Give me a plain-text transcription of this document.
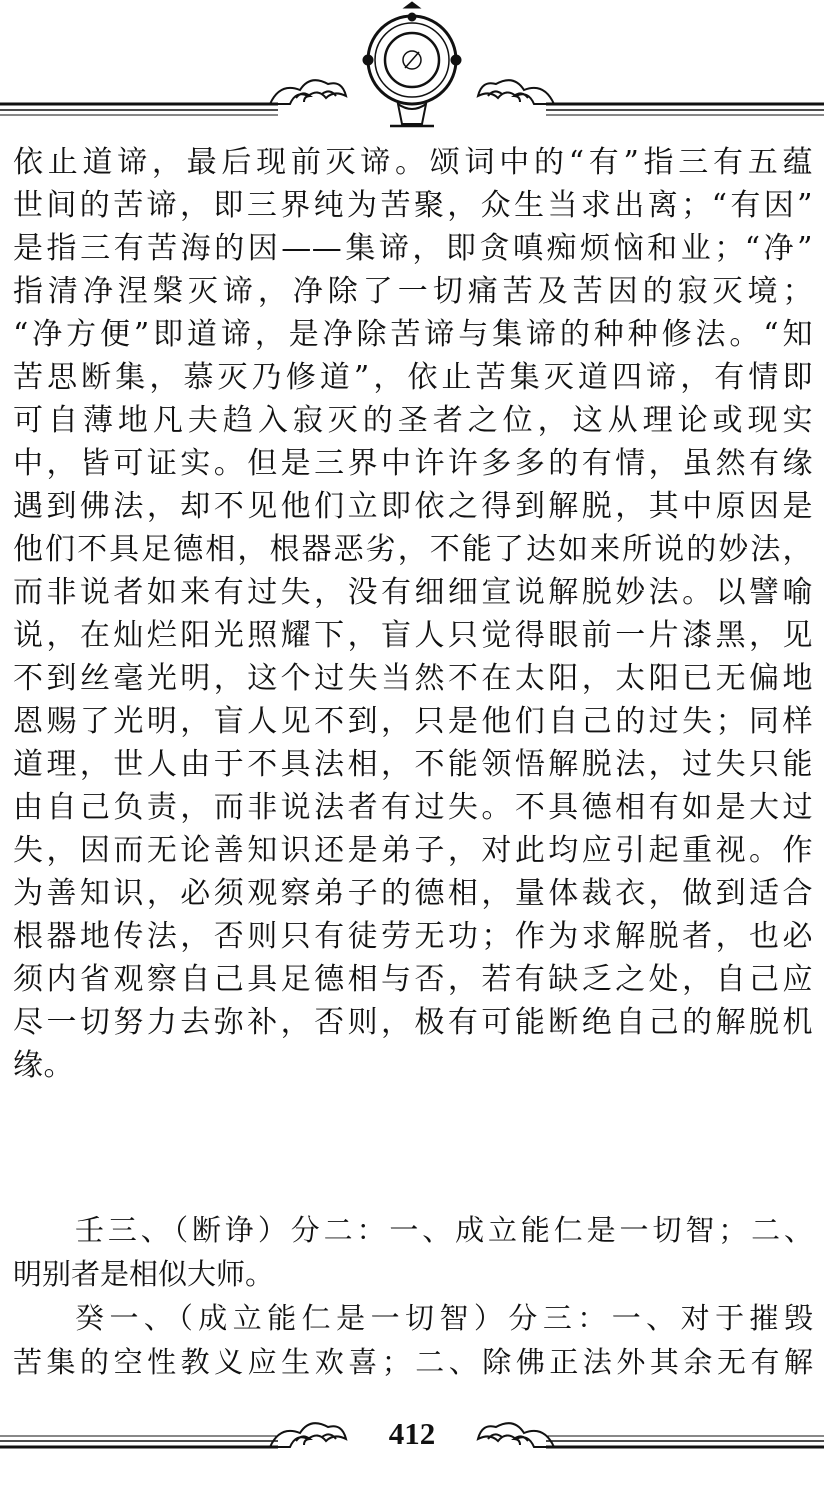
依止道谛，最后现前灭谛。颂词中的“有”指三有五蕴
世间的苦谛，即三界纯为苦聚，众生当求出离；“有因”
是指三有苦海的因——集谛，即贪嗔痴烦恼和业；“净”
指清净涅槃灭谛，净除了一切痛苦及苦因的寂灭境；
“净方便”即道谛，是净除苦谛与集谛的种种修法。“知
苦思断集，慕灭乃修道”，依止苦集灭道四谛，有情即
可自薄地凡夫趋入寂灭的圣者之位，这从理论或现实
中，皆可证实。但是三界中许许多多的有情，虽然有缘
遇到佛法，却不见他们立即依之得到解脱，其中原因是
他们不具足德相，根器恶劣，不能了达如来所说的妙法，
而非说者如来有过失，没有细细宣说解脱妙法。以譬喻
说，在灿烂阳光照耀下，盲人只觉得眼前一片漆黑，见
不到丝毫光明，这个过失当然不在太阳，太阳已无偏地
恩赐了光明，盲人见不到，只是他们自己的过失；同样
道理，世人由于不具法相，不能领悟解脱法，过失只能
由自己负责，而非说法者有过失。不具德相有如是大过
失，因而无论善知识还是弟子，对此均应引起重视。作
为善知识，必须观察弟子的德相，量体裁衣，做到适合
根器地传法，否则只有徒劳无功；作为求解脱者，也必
须内省观察自己具足德相与否，若有缺乏之处，自己应
尽一切努力去弥补，否则，极有可能断绝自己的解脱机
缘。
壬三、（断诤）分二：一、成立能仁是一切智；二、
明别者是相似大师。
癸一、（成立能仁是一切智）分三：一、对于摧毁
苦集的空性教义应生欢喜；二、除佛正法外其余无有解
412
